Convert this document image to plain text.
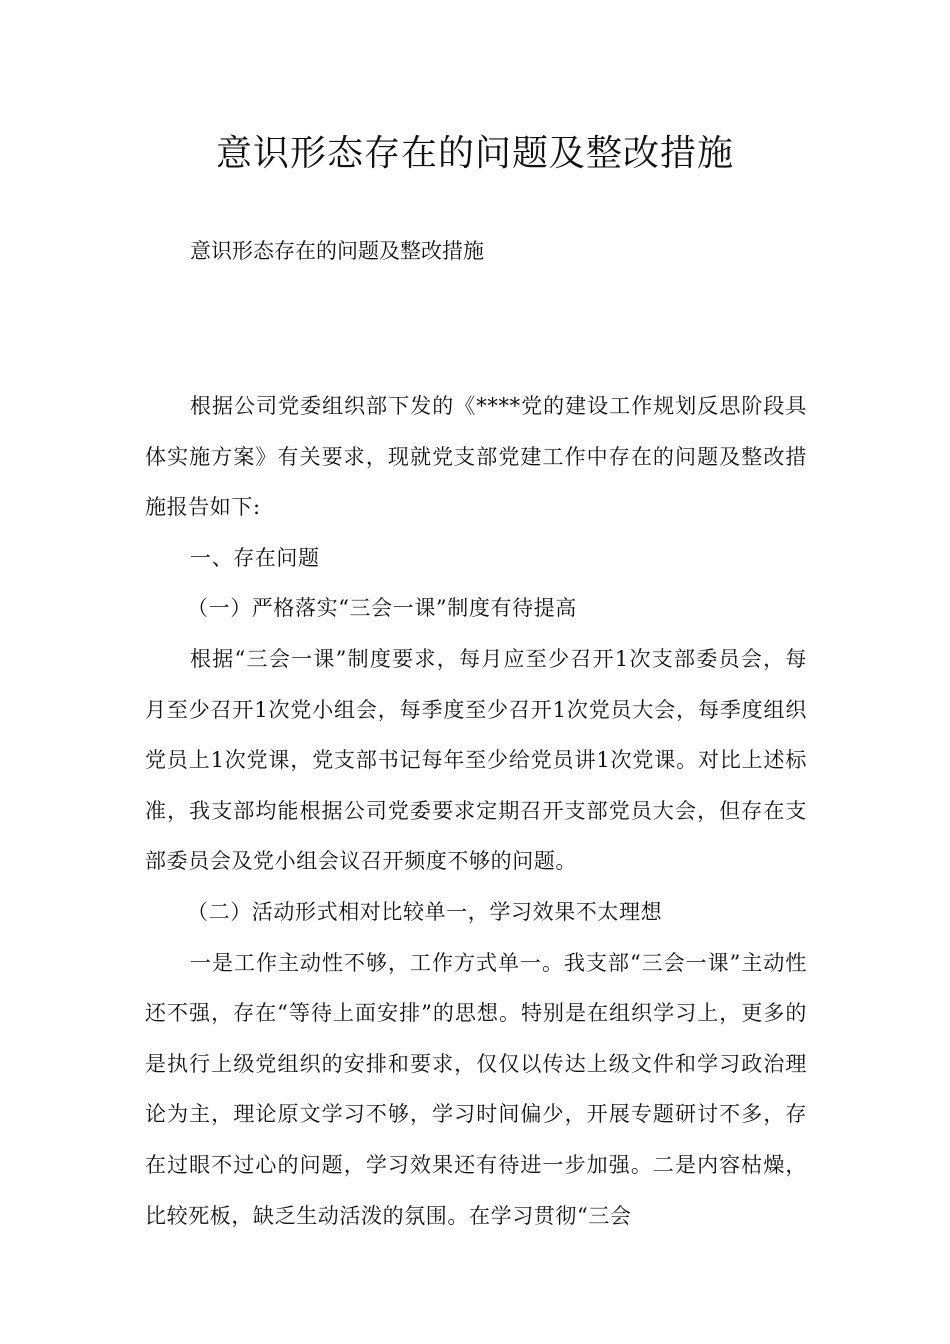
意识形态存在的问题及整改措施

意识形态存在的问题及整改措施

根据公司党委组织部下发的《****党的建设工作规划反思阶段具体实施方案》有关要求，现就党支部党建工作中存在的问题及整改措施报告如下:

一、存在问题

（一）严格落实“三会一课”制度有待提高

根据“三会一课”制度要求，每月应至少召开1次支部委员会，每月至少召开1次党小组会，每季度至少召开1次党员大会，每季度组织党员上1次党课，党支部书记每年至少给党员讲1次党课。对比上述标准，我支部均能根据公司党委要求定期召开支部党员大会，但存在支部委员会及党小组会议召开频度不够的问题。

（二）活动形式相对比较单一，学习效果不太理想

一是工作主动性不够，工作方式单一。我支部“三会一课”主动性还不强，存在“等待上面安排”的思想。特别是在组织学习上，更多的是执行上级党组织的安排和要求，仅仅以传达上级文件和学习政治理论为主，理论原文学习不够，学习时间偏少，开展专题研讨不多，存在过眼不过心的问题，学习效果还有待进一步加强。二是内容枯燥，比较死板，缺乏生动活泼的氛围。在学习贯彻“三会
